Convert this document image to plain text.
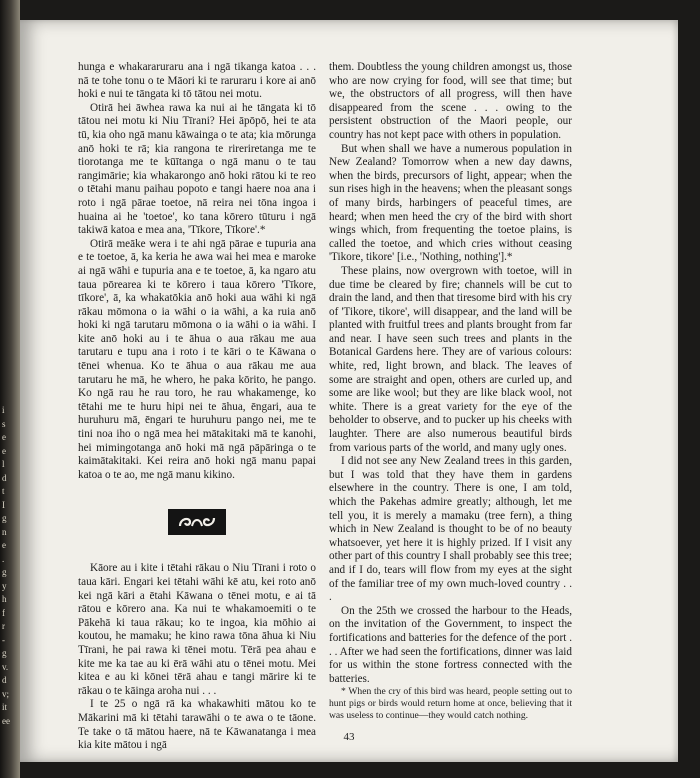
i
s
e
e
l
d
t
I
g
n
e
.
g
y
h
f
r
-
g
v.
d
v;
it
ee

hunga e whakararuraru ana i ngā tikanga katoa . . . nā te tohe tonu o te Māori ki te raruraru i kore ai anō hoki e nui te tāngata ki tō tātou nei motu.

Otirā hei āwhea rawa ka nui ai he tāngata ki tō tātou nei motu ki Niu Tīrani? Hei āpōpō, hei te ata tū, kia oho ngā manu kāwainga o te ata; kia mōrunga anō hoki te rā; kia rangona te rireriretanga me te tiorotanga me te kūītanga o ngā manu o te tau rangimārie; kia whakarongo anō hoki rātou ki te reo o tētahi manu paihau popoto e tangi haere noa ana i roto i ngā pārae toetoe, nā reira nei tōna ingoa i huaina ai he 'toetoe', ko tana kōrero tūturu i ngā takiwā katoa e mea ana, 'Tīkore, Tīkore'.*

Otirā meāke wera i te ahi ngā pārae e tupuria ana e te toetoe, ā, ka keria he awa wai hei mea e maroke ai ngā wāhi e tupuria ana e te toetoe, ā, ka ngaro atu taua pōrearea ki te kōrero i taua kōrero 'Tīkore, tīkore', ā, ka whakatōkia anō hoki aua wāhi ki ngā rākau mōmona o ia wāhi o ia wāhi, a ka ruia anō hoki ki ngā tarutaru mōmona o ia wāhi o ia wāhi. I kite anō hoki au i te āhua o aua rākau me aua tarutaru e tupu ana i roto i te kāri o te Kāwana o tēnei whenua. Ko te āhua o aua rākau me aua tarutaru he mā, he whero, he paka kōrito, he pango. Ko ngā rau he rau toro, he rau whakamenge, ko tētahi me te huru hipi nei te āhua, ēngari, aua te huruhuru mā, ēngari te huruhuru pango nei, me te tini noa iho o ngā mea hei mātakitaki mā te kanohi, hei mimingotanga anō hoki mā ngā pāpāringa o te kaimātakitaki. Kei reira anō hoki ngā manu papai katoa o te ao, me ngā manu kikino.

Kāore au i kite i tētahi rākau o Niu Tīrani i roto o taua kāri. Engari kei tētahi wāhi kē atu, kei roto anō kei ngā kāri a ētahi Kāwana o tēnei motu, e ai tā rātou e kōrero ana. Ka nui te whakamoemiti o te Pākehā ki taua rākau; ko te ingoa, kia mōhio ai koutou, he mamaku; he kino rawa tōna āhua ki Niu Tīrani, he pai rawa ki tēnei motu. Tērā pea ahau e kite me ka tae au ki ērā wāhi atu o tēnei motu. Mei kitea e au ki kōnei tērā ahau e tangi mārire ki te rākau o te kāinga aroha nui . . .

I te 25 o ngā rā ka whakawhiti mātou ko te Mākarini mā ki tētahi tarawāhi o te awa o te tāone. Te take o tā mātou haere, nā te Kāwanatanga i mea kia kite mātou i ngā

them. Doubtless the young children amongst us, those who are now crying for food, will see that time; but we, the obstructors of all progress, will then have disappeared from the scene . . . owing to the persistent obstruction of the Maori people, our country has not kept pace with others in population.

But when shall we have a numerous population in New Zealand? Tomorrow when a new day dawns, when the birds, precursors of light, appear; when the sun rises high in the heavens; when the pleasant songs of many birds, harbingers of peaceful times, are heard; when men heed the cry of the bird with short wings which, from frequenting the toetoe plains, is called the toetoe, and which cries without ceasing 'Tikore, tikore' [i.e., 'Nothing, nothing'].*

These plains, now overgrown with toetoe, will in due time be cleared by fire; channels will be cut to drain the land, and then that tiresome bird with his cry of 'Tikore, tikore', will disappear, and the land will be planted with fruitful trees and plants brought from far and near. I have seen such trees and plants in the Botanical Gardens here. They are of various colours: white, red, light brown, and black. The leaves of some are straight and open, others are curled up, and some are like wool; but they are like black wool, not white. There is a great variety for the eye of the beholder to observe, and to pucker up his cheeks with laughter. There are also numerous beautiful birds from various parts of the world, and many ugly ones.

I did not see any New Zealand trees in this garden, but I was told that they have them in gardens elsewhere in the country. There is one, I am told, which the Pakehas admire greatly; although, let me tell you, it is merely a mamaku (tree fern), a thing which in New Zealand is thought to be of no beauty whatsoever, yet here it is highly prized. If I visit any other part of this country I shall probably see this tree; and if I do, tears will flow from my eyes at the sight of the familiar tree of my own much-loved country . . .

On the 25th we crossed the harbour to the Heads, on the invitation of the Government, to inspect the fortifications and batteries for the defence of the port . . . After we had seen the fortifications, dinner was laid for us within the stone fortress connected with the batteries.

* When the cry of this bird was heard, people setting out to hunt pigs or birds would return home at once, believing that it was useless to continue—they would catch nothing.

43
